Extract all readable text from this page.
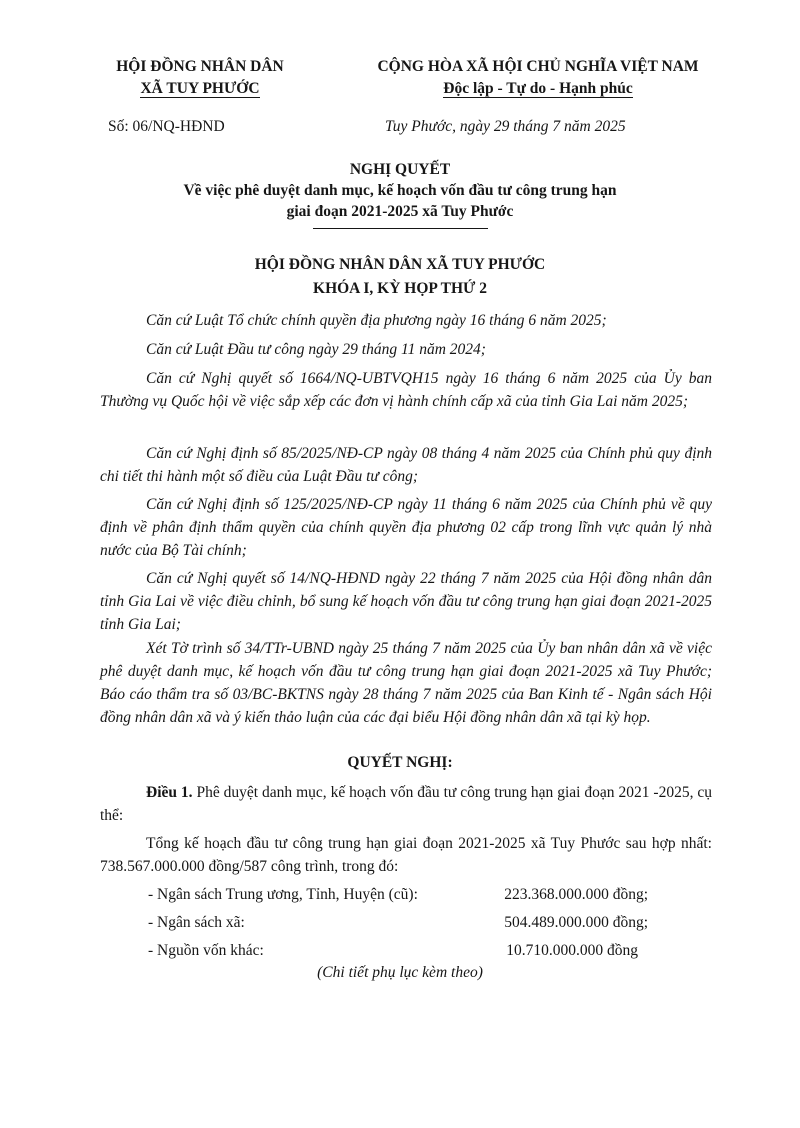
HỘI ĐỒNG NHÂN DÂN
XÃ TUY PHƯỚC
CỘNG HÒA XÃ HỘI CHỦ NGHĨA VIỆT NAM
Độc lập - Tự do - Hạnh phúc
Số: 06/NQ-HĐND	Tuy Phước, ngày 29 tháng 7 năm 2025
NGHỊ QUYẾT
Về việc phê duyệt danh mục, kế hoạch vốn đầu tư công trung hạn
giai đoạn 2021-2025 xã Tuy Phước
HỘI ĐỒNG NHÂN DÂN XÃ TUY PHƯỚC
KHÓA I, KỲ HỌP THỨ 2
Căn cứ Luật Tổ chức chính quyền địa phương ngày 16 tháng 6 năm 2025;
Căn cứ Luật Đầu tư công ngày 29 tháng 11 năm 2024;
Căn cứ Nghị quyết số 1664/NQ-UBTVQH15 ngày 16 tháng 6 năm 2025 của Ủy ban Thường vụ Quốc hội về việc sắp xếp các đơn vị hành chính cấp xã của tỉnh Gia Lai năm 2025;
Căn cứ Nghị định số 85/2025/NĐ-CP ngày 08 tháng 4 năm 2025 của Chính phủ quy định chi tiết thi hành một số điều của Luật Đầu tư công;
Căn cứ Nghị định số 125/2025/NĐ-CP ngày 11 tháng 6 năm 2025 của Chính phủ về quy định về phân định thẩm quyền của chính quyền địa phương 02 cấp trong lĩnh vực quản lý nhà nước của Bộ Tài chính;
Căn cứ Nghị quyết số 14/NQ-HĐND ngày 22 tháng 7 năm 2025 của Hội đồng nhân dân tỉnh Gia Lai về việc điều chỉnh, bổ sung kế hoạch vốn đầu tư công trung hạn giai đoạn 2021-2025 tỉnh Gia Lai;
Xét Tờ trình số 34/TTr-UBND ngày 25 tháng 7 năm 2025 của Ủy ban nhân dân xã về việc phê duyệt danh mục, kế hoạch vốn đầu tư công trung hạn giai đoạn 2021-2025 xã Tuy Phước; Báo cáo thẩm tra số 03/BC-BKTNS ngày 28 tháng 7 năm 2025 của Ban Kinh tế - Ngân sách Hội đồng nhân dân xã và ý kiến thảo luận của các đại biểu Hội đồng nhân dân xã tại kỳ họp.
QUYẾT NGHỊ:
Điều 1. Phê duyệt danh mục, kế hoạch vốn đầu tư công trung hạn giai đoạn 2021 -2025, cụ thể:
Tổng kế hoạch đầu tư công trung hạn giai đoạn 2021-2025 xã Tuy Phước sau hợp nhất: 738.567.000.000 đồng/587 công trình, trong đó:
- Ngân sách Trung ương, Tỉnh, Huyện (cũ):	223.368.000.000 đồng;
- Ngân sách xã:	504.489.000.000 đồng;
- Nguồn vốn khác:	10.710.000.000 đồng
(Chi tiết phụ lục kèm theo)
